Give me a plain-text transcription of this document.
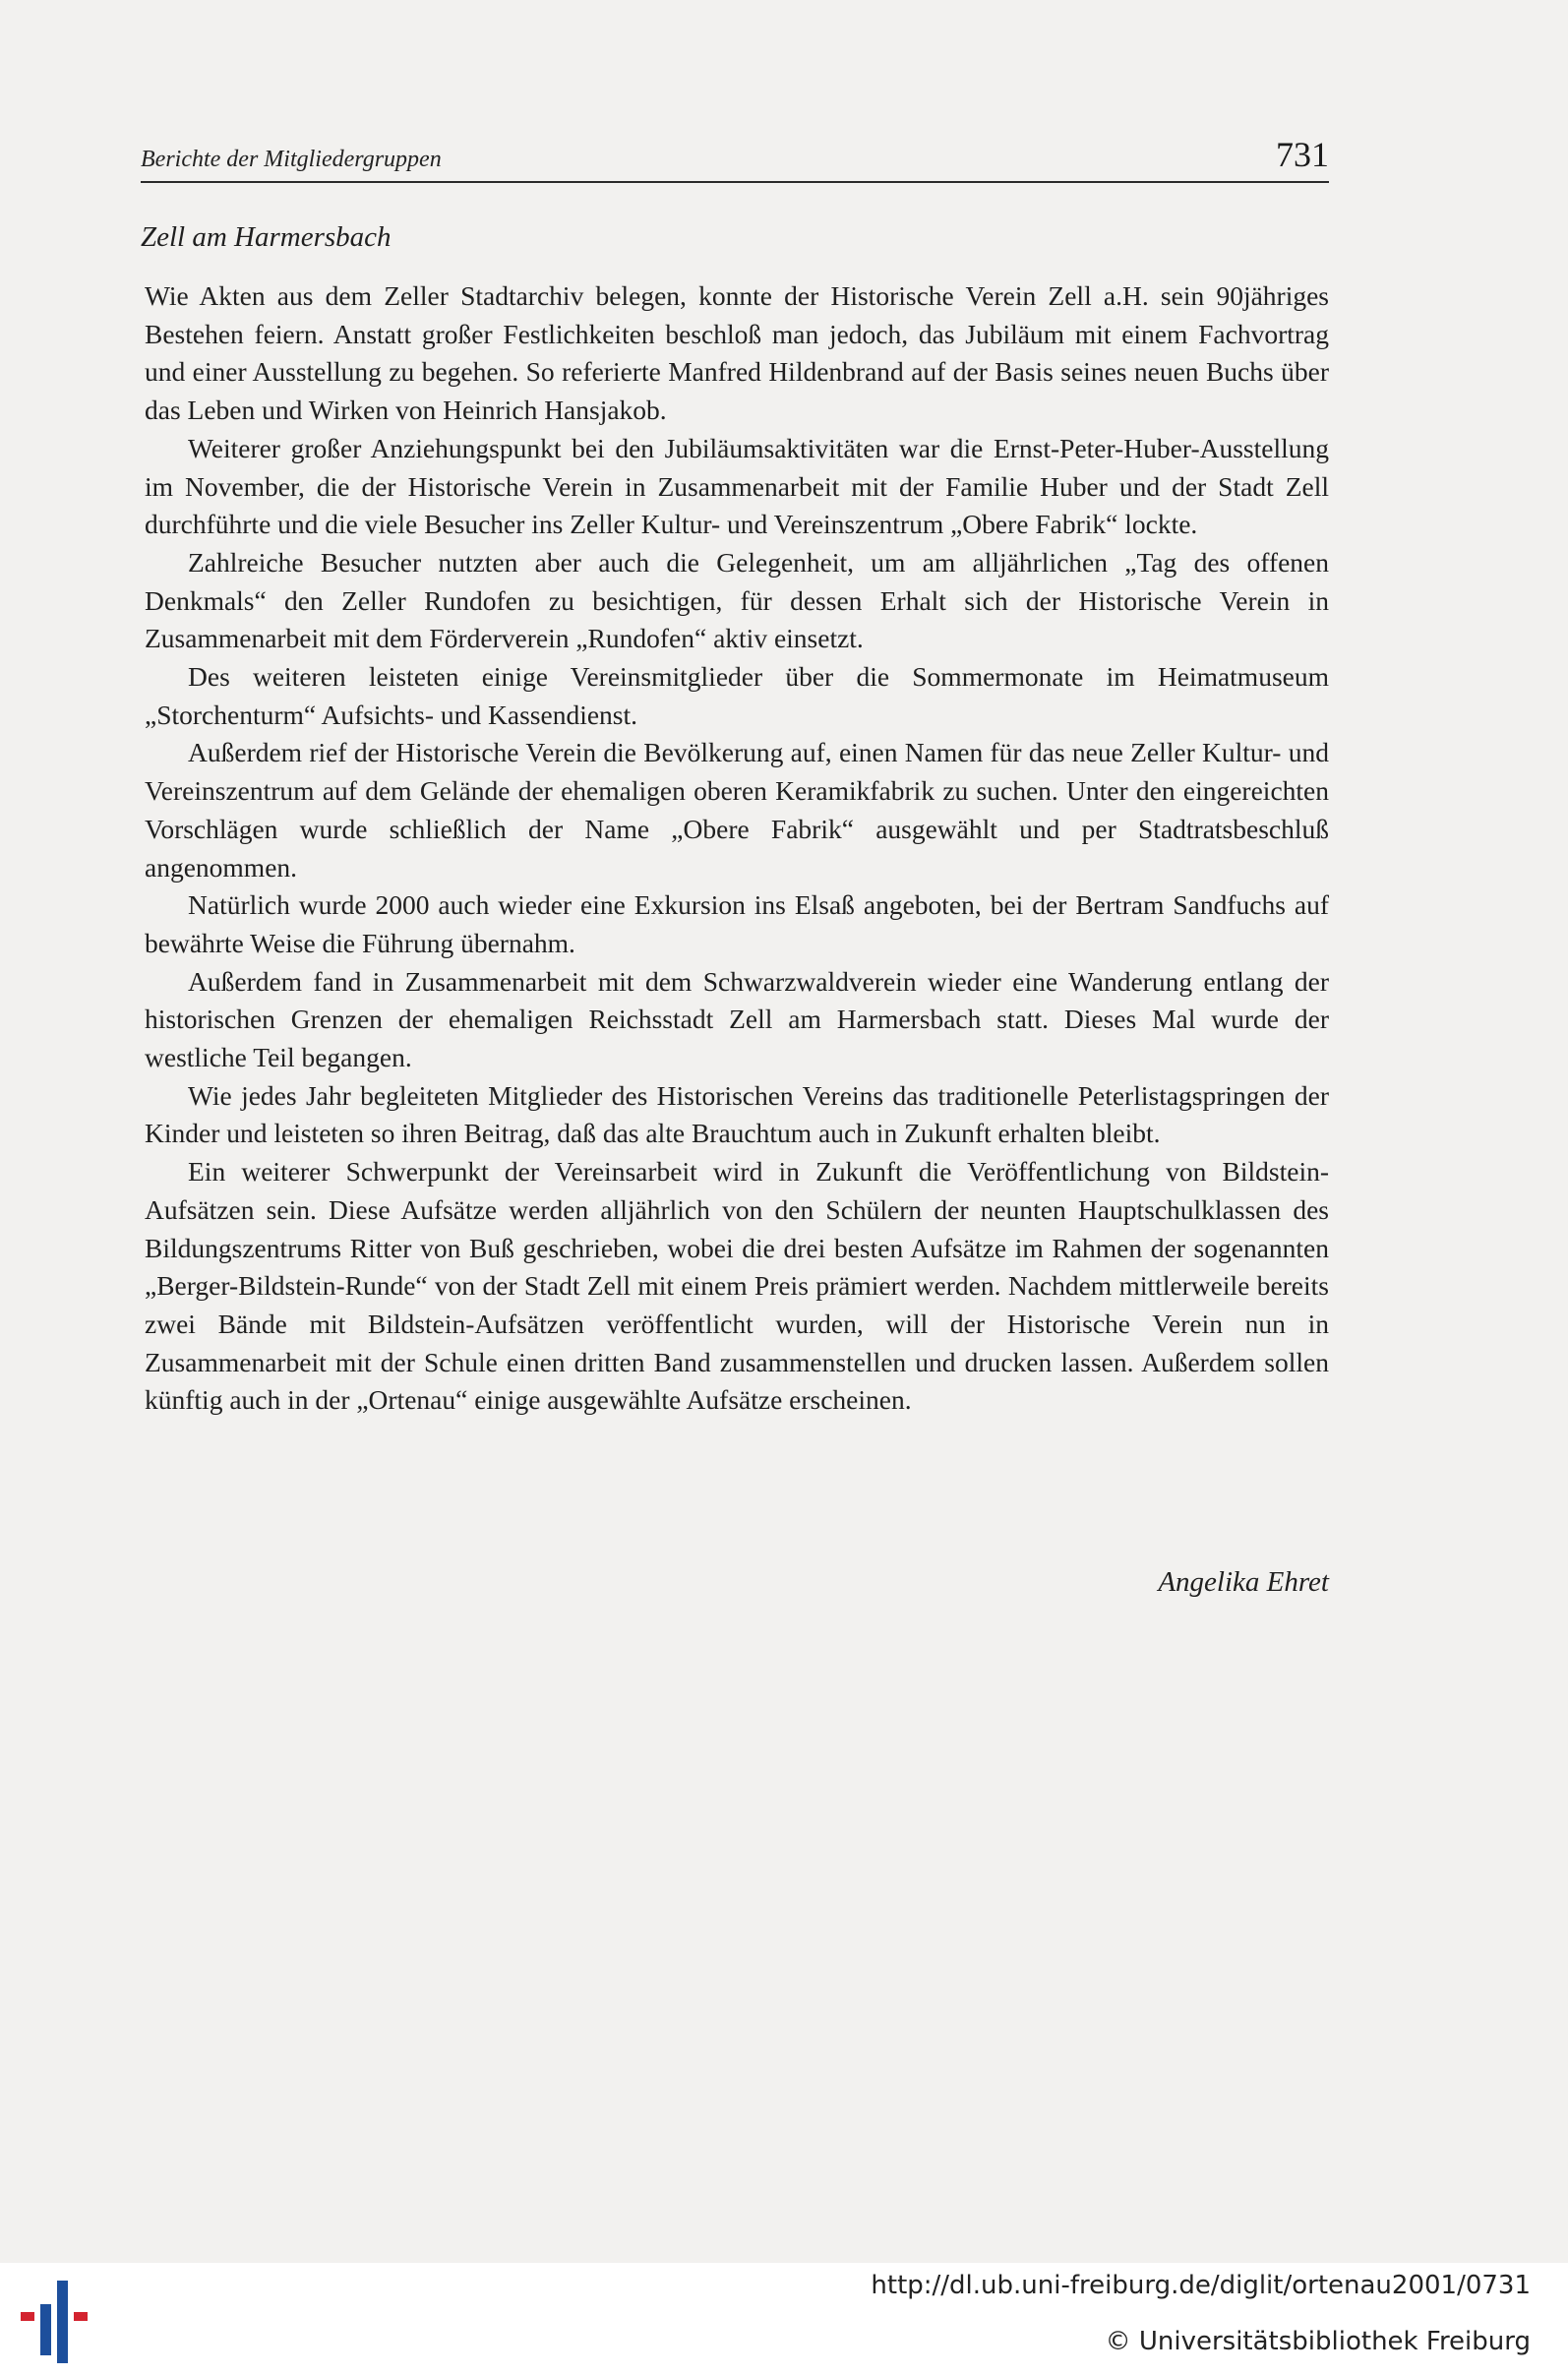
Berichte der Mitgliedergruppen	731
Zell am Harmersbach

Wie Akten aus dem Zeller Stadtarchiv belegen, konnte der Historische Verein Zell a.H. sein 90jähriges Bestehen feiern. Anstatt großer Festlichkeiten beschloß man jedoch, das Jubiläum mit einem Fachvortrag und einer Ausstellung zu begehen. So referierte Manfred Hildenbrand auf der Basis seines neuen Buchs über das Leben und Wirken von Heinrich Hansjakob.

Weiterer großer Anziehungspunkt bei den Jubiläumsaktivitäten war die Ernst-Peter-Huber-Ausstellung im November, die der Historische Verein in Zusammenarbeit mit der Familie Huber und der Stadt Zell durchführte und die viele Besucher ins Zeller Kultur- und Vereinszentrum „Obere Fabrik“ lockte.

Zahlreiche Besucher nutzten aber auch die Gelegenheit, um am alljährlichen „Tag des offenen Denkmals“ den Zeller Rundofen zu besichtigen, für dessen Erhalt sich der Historische Verein in Zusammenarbeit mit dem Förderverein „Rundofen“ aktiv einsetzt.

Des weiteren leisteten einige Vereinsmitglieder über die Sommermonate im Heimatmuseum „Storchenturm“ Aufsichts- und Kassendienst.

Außerdem rief der Historische Verein die Bevölkerung auf, einen Namen für das neue Zeller Kultur- und Vereinszentrum auf dem Gelände der ehemaligen oberen Keramikfabrik zu suchen. Unter den eingereichten Vorschlägen wurde schließlich der Name „Obere Fabrik“ ausgewählt und per Stadtratsbeschluß angenommen.

Natürlich wurde 2000 auch wieder eine Exkursion ins Elsaß angeboten, bei der Bertram Sandfuchs auf bewährte Weise die Führung übernahm.

Außerdem fand in Zusammenarbeit mit dem Schwarzwaldverein wieder eine Wanderung entlang der historischen Grenzen der ehemaligen Reichsstadt Zell am Harmersbach statt. Dieses Mal wurde der westliche Teil begangen.

Wie jedes Jahr begleiteten Mitglieder des Historischen Vereins das traditionelle Peterlistagspringen der Kinder und leisteten so ihren Beitrag, daß das alte Brauchtum auch in Zukunft erhalten bleibt.

Ein weiterer Schwerpunkt der Vereinsarbeit wird in Zukunft die Veröffentlichung von Bildstein-Aufsätzen sein. Diese Aufsätze werden alljährlich von den Schülern der neunten Hauptschulklassen des Bildungszentrums Ritter von Buß geschrieben, wobei die drei besten Aufsätze im Rahmen der sogenannten „Berger-Bildstein-Runde“ von der Stadt Zell mit einem Preis prämiert werden. Nachdem mittlerweile bereits zwei Bände mit Bildstein-Aufsätzen veröffentlicht wurden, will der Historische Verein nun in Zusammenarbeit mit der Schule einen dritten Band zusammenstellen und drucken lassen. Außerdem sollen künftig auch in der „Ortenau“ einige ausgewählte Aufsätze erscheinen.

Angelika Ehret
http://dl.ub.uni-freiburg.de/diglit/ortenau2001/0731
© Universitätsbibliothek Freiburg
